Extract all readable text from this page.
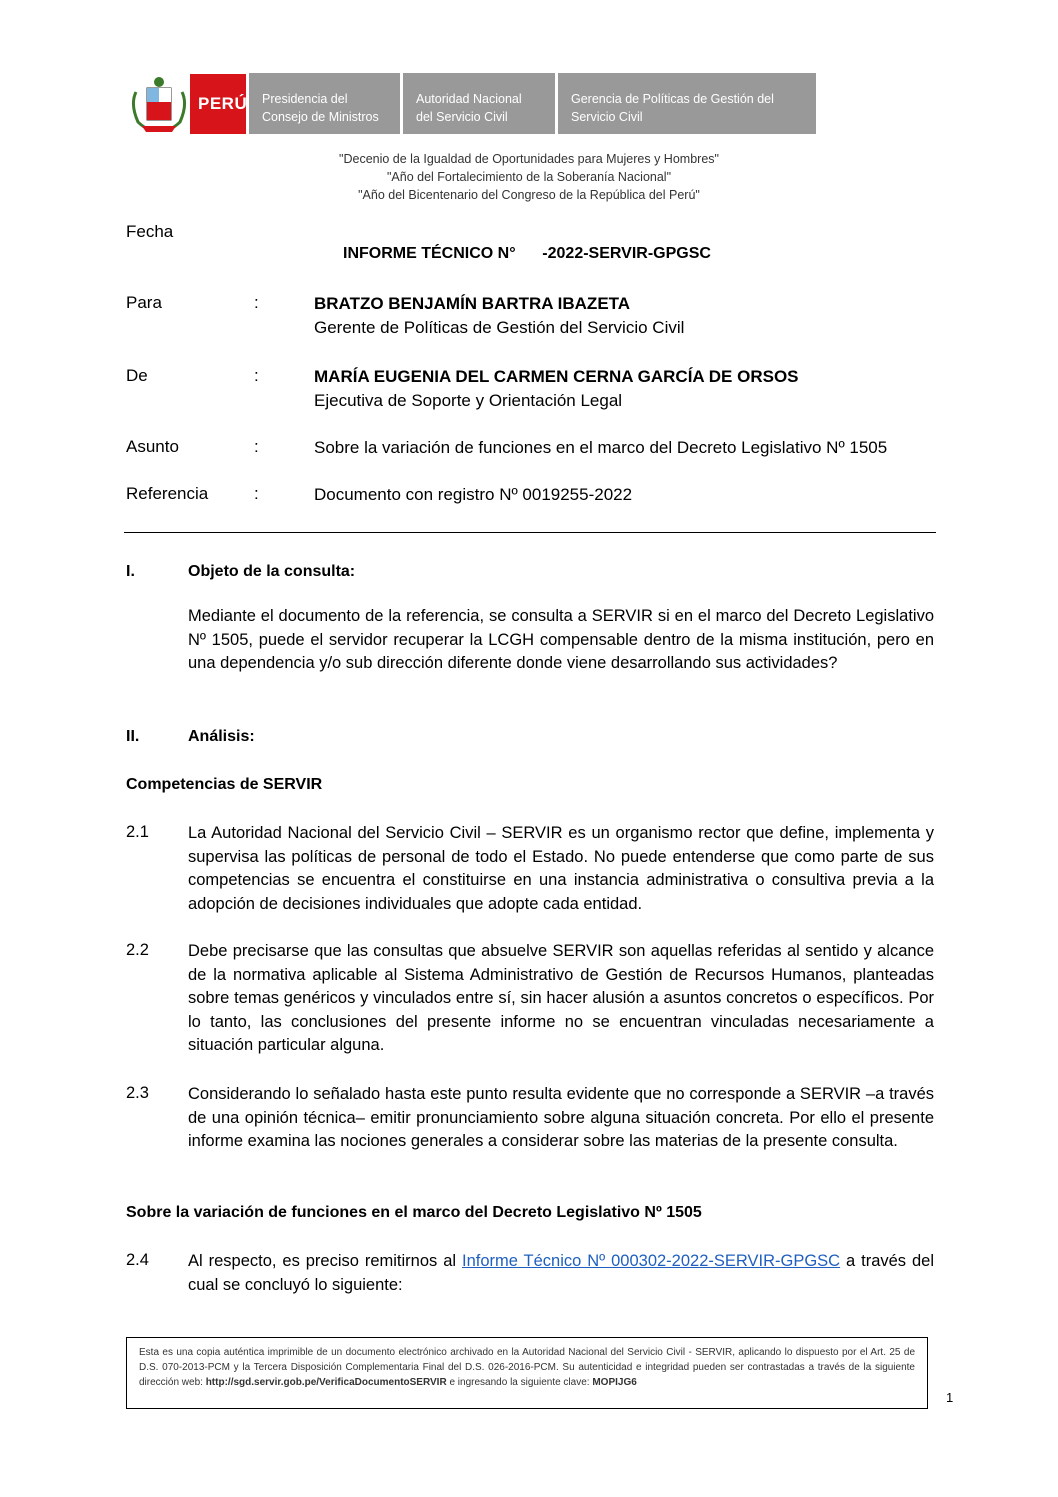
PERÚ Presidencia del
Consejo de Ministros
Autoridad Nacional
del Servicio Civil
Gerencia de Políticas de Gestión del
Servicio Civil
"Decenio de la Igualdad de Oportunidades para Mujeres y Hombres"
"Año del Fortalecimiento de la Soberanía Nacional"
"Año del Bicentenario del Congreso de la República del Perú"
Fecha
INFORME TÉCNICO N°      -2022-SERVIR-GPGSC
Para	:	BRATZO BENJAMÍN BARTRA IBAZETA
Gerente de Políticas de Gestión del Servicio Civil
De	:	MARÍA EUGENIA DEL CARMEN CERNA GARCÍA DE ORSOS
Ejecutiva de Soporte y Orientación Legal
Asunto	:	Sobre la variación de funciones en el marco del Decreto Legislativo Nº 1505
Referencia	:	Documento con registro Nº 0019255-2022
I.	Objeto de la consulta:
Mediante el documento de la referencia, se consulta a SERVIR si en el marco del Decreto Legislativo Nº 1505, puede el servidor recuperar la LCGH compensable dentro de la misma institución, pero en una dependencia y/o sub dirección diferente donde viene desarrollando sus actividades?
II.	Análisis:
Competencias de SERVIR
2.1 La Autoridad Nacional del Servicio Civil – SERVIR es un organismo rector que define, implementa y supervisa las políticas de personal de todo el Estado. No puede entenderse que como parte de sus competencias se encuentra el constituirse en una instancia administrativa o consultiva previa a la adopción de decisiones individuales que adopte cada entidad.
2.2 Debe precisarse que las consultas que absuelve SERVIR son aquellas referidas al sentido y alcance de la normativa aplicable al Sistema Administrativo de Gestión de Recursos Humanos, planteadas sobre temas genéricos y vinculados entre sí, sin hacer alusión a asuntos concretos o específicos. Por lo tanto, las conclusiones del presente informe no se encuentran vinculadas necesariamente a situación particular alguna.
2.3 Considerando lo señalado hasta este punto resulta evidente que no corresponde a SERVIR –a través de una opinión técnica– emitir pronunciamiento sobre alguna situación concreta. Por ello el presente informe examina las nociones generales a considerar sobre las materias de la presente consulta.
Sobre la variación de funciones en el marco del Decreto Legislativo Nº 1505
2.4 Al respecto, es preciso remitirnos al Informe Técnico Nº 000302-2022-SERVIR-GPGSC a través del cual se concluyó lo siguiente:
Esta es una copia auténtica imprimible de un documento electrónico archivado en la Autoridad Nacional del Servicio Civil - SERVIR, aplicando lo dispuesto por el Art. 25 de D.S. 070-2013-PCM y la Tercera Disposición Complementaria Final del D.S. 026-2016-PCM. Su autenticidad e integridad pueden ser contrastadas a través de la siguiente dirección web: http://sgd.servir.gob.pe/VerificaDocumentoSERVIR e ingresando la siguiente clave: MOPIJG6
1
